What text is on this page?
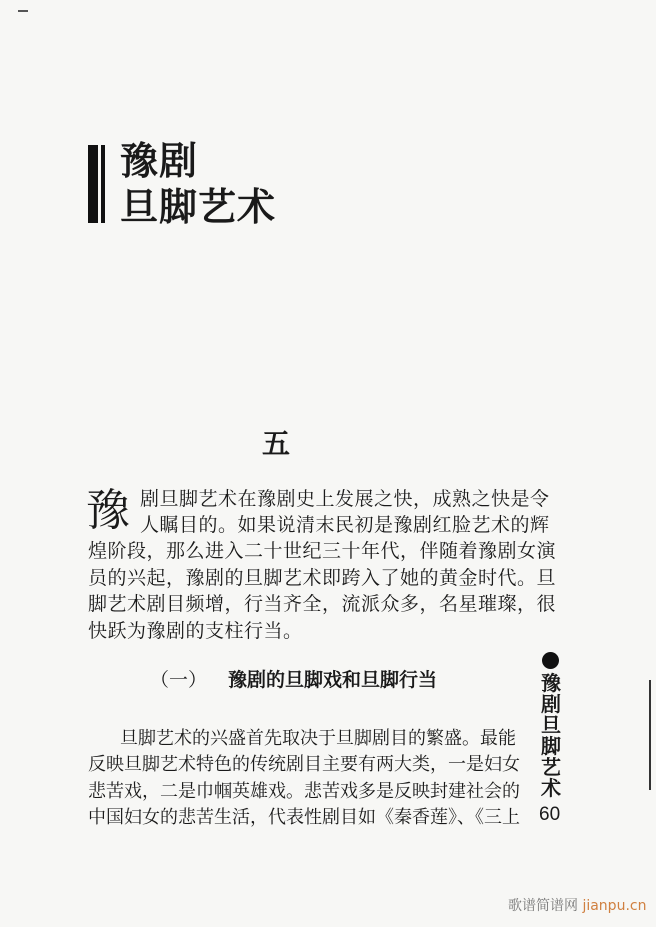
豫剧
旦脚艺术
五
豫 剧旦脚艺术在豫剧史上发展之快，成熟之快是令
人瞩目的。如果说清末民初是豫剧红脸艺术的辉
煌阶段，那么进入二十世纪三十年代，伴随着豫剧女演
员的兴起，豫剧的旦脚艺术即跨入了她的黄金时代。旦
脚艺术剧目频增，行当齐全，流派众多，名星璀璨，很
快跃为豫剧的支柱行当。
（一） 豫剧的旦脚戏和旦脚行当
旦脚艺术的兴盛首先取决于旦脚剧目的繁盛。最能
反映旦脚艺术特色的传统剧目主要有两大类，一是妇女
悲苦戏，二是巾帼英雄戏。悲苦戏多是反映封建社会的
中国妇女的悲苦生活，代表性剧目如《秦香莲》、《三上
豫
剧
旦
脚
艺
术
60
歌谱简谱网 jianpu.cn
